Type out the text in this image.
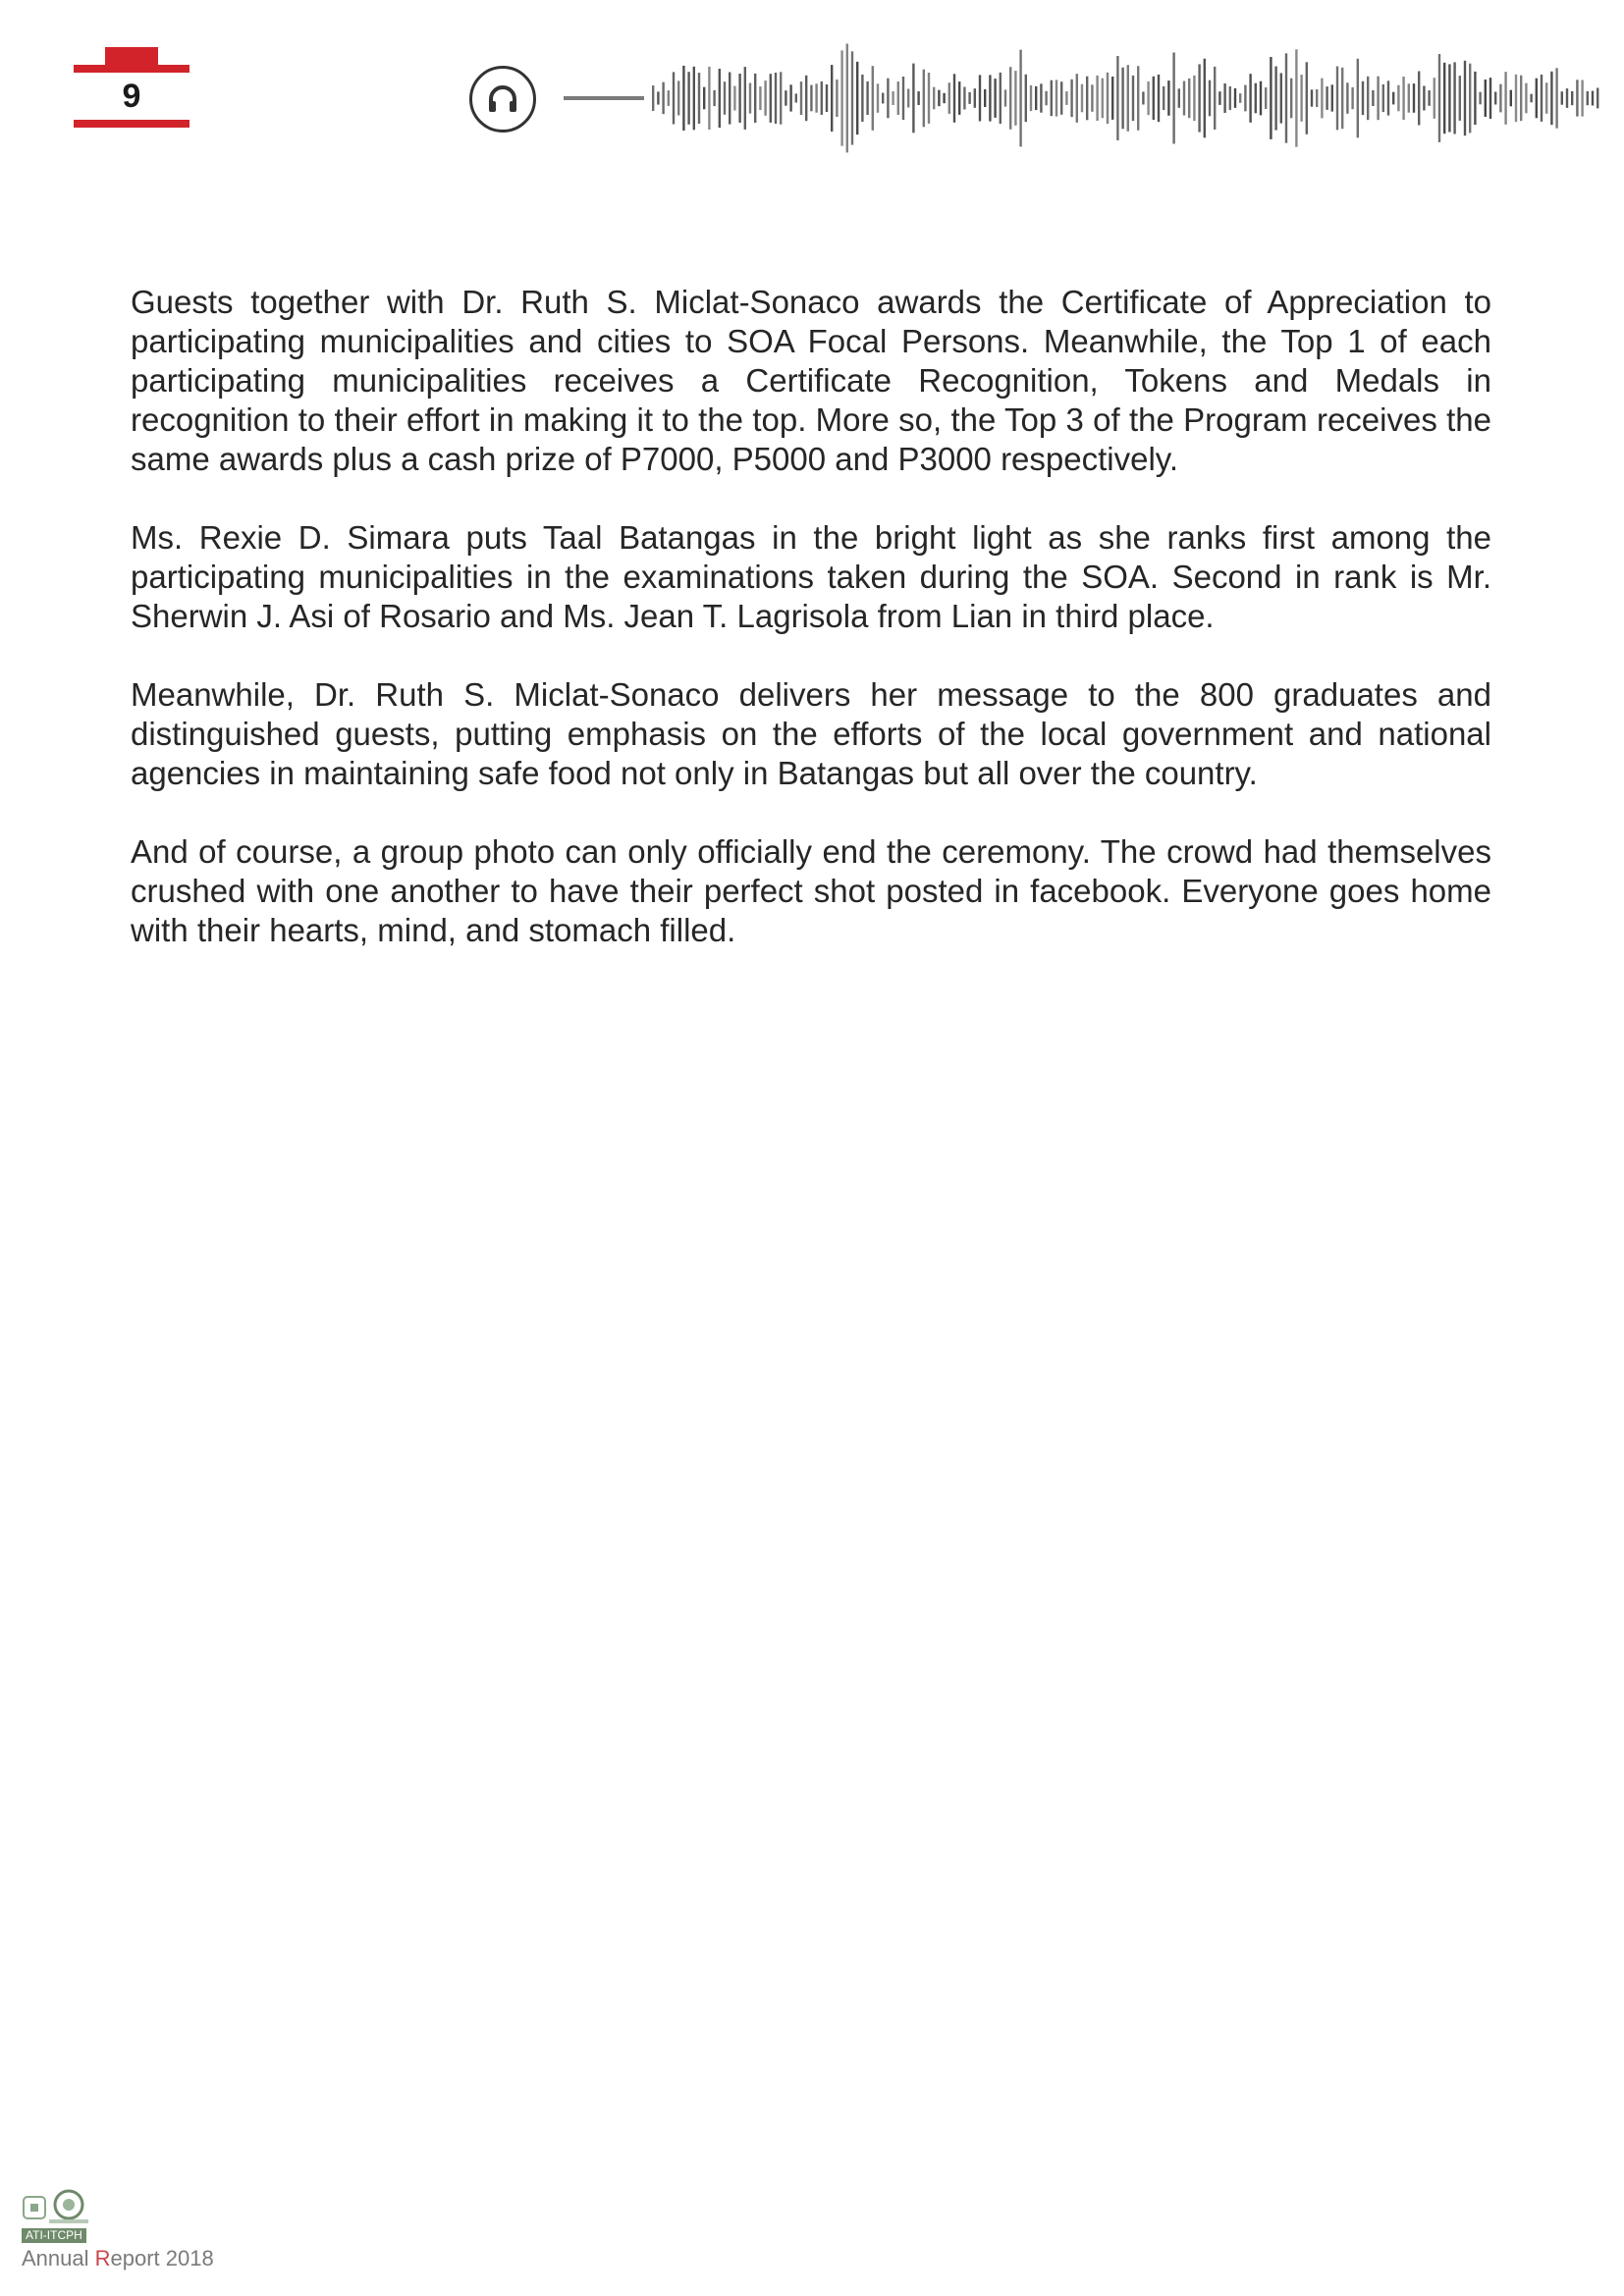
9

Guests together with Dr. Ruth S. Miclat-Sonaco awards the Certificate of Appreciation to participating municipalities and cities to SOA Focal Persons. Meanwhile, the Top 1 of each participating municipalities receives a Certificate Recognition, Tokens and Medals in recognition to their effort in making it to the top. More so, the Top 3 of the Program receives the same awards plus a cash prize of P7000, P5000 and P3000 respectively.

Ms. Rexie D. Simara puts Taal Batangas in the bright light as she ranks first among the participating municipalities in the examinations taken during the SOA. Second in rank is Mr. Sherwin J. Asi of Rosario and Ms. Jean T. Lagrisola from Lian in third place.

Meanwhile, Dr. Ruth S. Miclat-Sonaco delivers her message to the 800 graduates and distinguished guests, putting emphasis on the efforts of the local government and national agencies in maintaining safe food not only in Batangas but all over the country.

And of course, a group photo can only officially end the ceremony. The crowd had themselves crushed with one another to have their perfect shot posted in facebook. Everyone goes home with their hearts, mind, and stomach filled.

ATI-ITCPH
Annual Report 2018
